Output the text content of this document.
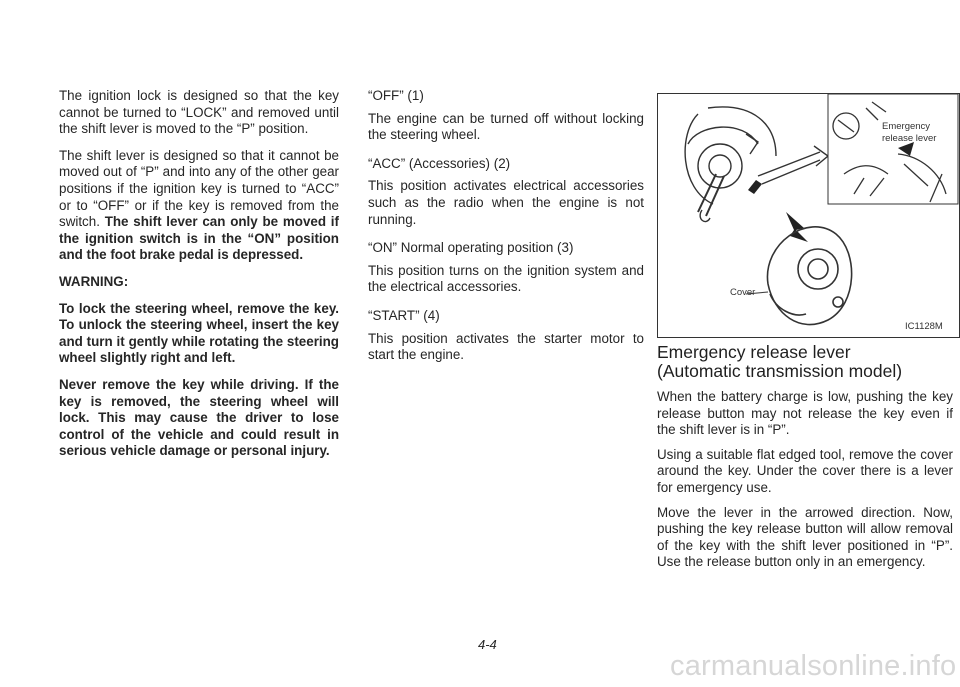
The ignition lock is designed so that the key cannot be turned to “LOCK” and removed until the shift lever is moved to the “P” position.

The shift lever is designed so that it cannot be moved out of “P” and into any of the other gear positions if the ignition key is turned to “ACC” or to “OFF” or if the key is removed from the switch. The shift lever can only be moved if the ignition switch is in the “ON” position and the foot brake pedal is depressed.

WARNING:

To lock the steering wheel, remove the key. To unlock the steering wheel, insert the key and turn it gently while rotating the steering wheel slightly right and left.

Never remove the key while driving. If the key is removed, the steering wheel will lock. This may cause the driver to lose control of the vehicle and could result in serious vehicle damage or personal injury.

“OFF” (1)

The engine can be turned off without locking the steering wheel.

“ACC” (Accessories) (2)

This position activates electrical accessories such as the radio when the engine is not running.

“ON” Normal operating position (3)

This position turns on the ignition system and the electrical accessories.

“START” (4)

This position activates the starter motor to start the engine.

Emergency
release lever
Cover
IC1128M
Emergency release lever
(Automatic transmission model)

When the battery charge is low, pushing the key release button may not release the key even if the shift lever is in “P”.

Using a suitable flat edged tool, remove the cover around the key. Under the cover there is a lever for emergency use.

Move the lever in the arrowed direction. Now, pushing the key release button will allow removal of the key with the shift lever positioned in “P”. Use the release button only in an emergency.

4-4
carmanualsonline.info
